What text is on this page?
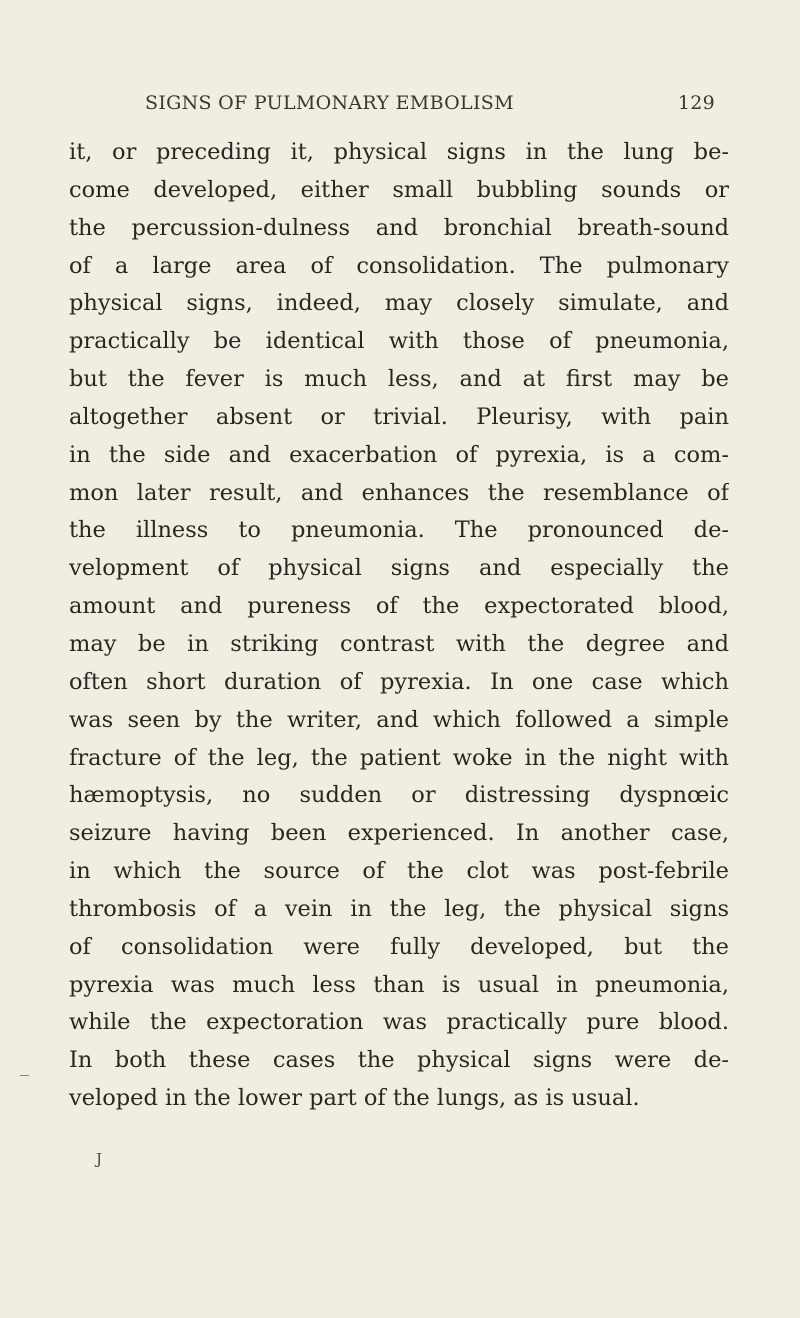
SIGNS OF PULMONARY EMBOLISM	129
it, or preceding it, physical signs in the lung be-
come developed, either small bubbling sounds or
the percussion-dulness and bronchial breath-sound
of a large area of consolidation. The pulmonary
physical signs, indeed, may closely simulate, and
practically be identical with those of pneumonia,
but the fever is much less, and at first may be
altogether absent or trivial. Pleurisy, with pain
in the side and exacerbation of pyrexia, is a com-
mon later result, and enhances the resemblance of
the illness to pneumonia. The pronounced de-
velopment of physical signs and especially the
amount and pureness of the expectorated blood,
may be in striking contrast with the degree and
often short duration of pyrexia. In one case which
was seen by the writer, and which followed a simple
fracture of the leg, the patient woke in the night with
hæmoptysis, no sudden or distressing dyspnœic
seizure having been experienced. In another case,
in which the source of the clot was post-febrile
thrombosis of a vein in the leg, the physical signs
of consolidation were fully developed, but the
pyrexia was much less than is usual in pneumonia,
while the expectoration was practically pure blood.
In both these cases the physical signs were de-
veloped in the lower part of the lungs, as is usual.
J
